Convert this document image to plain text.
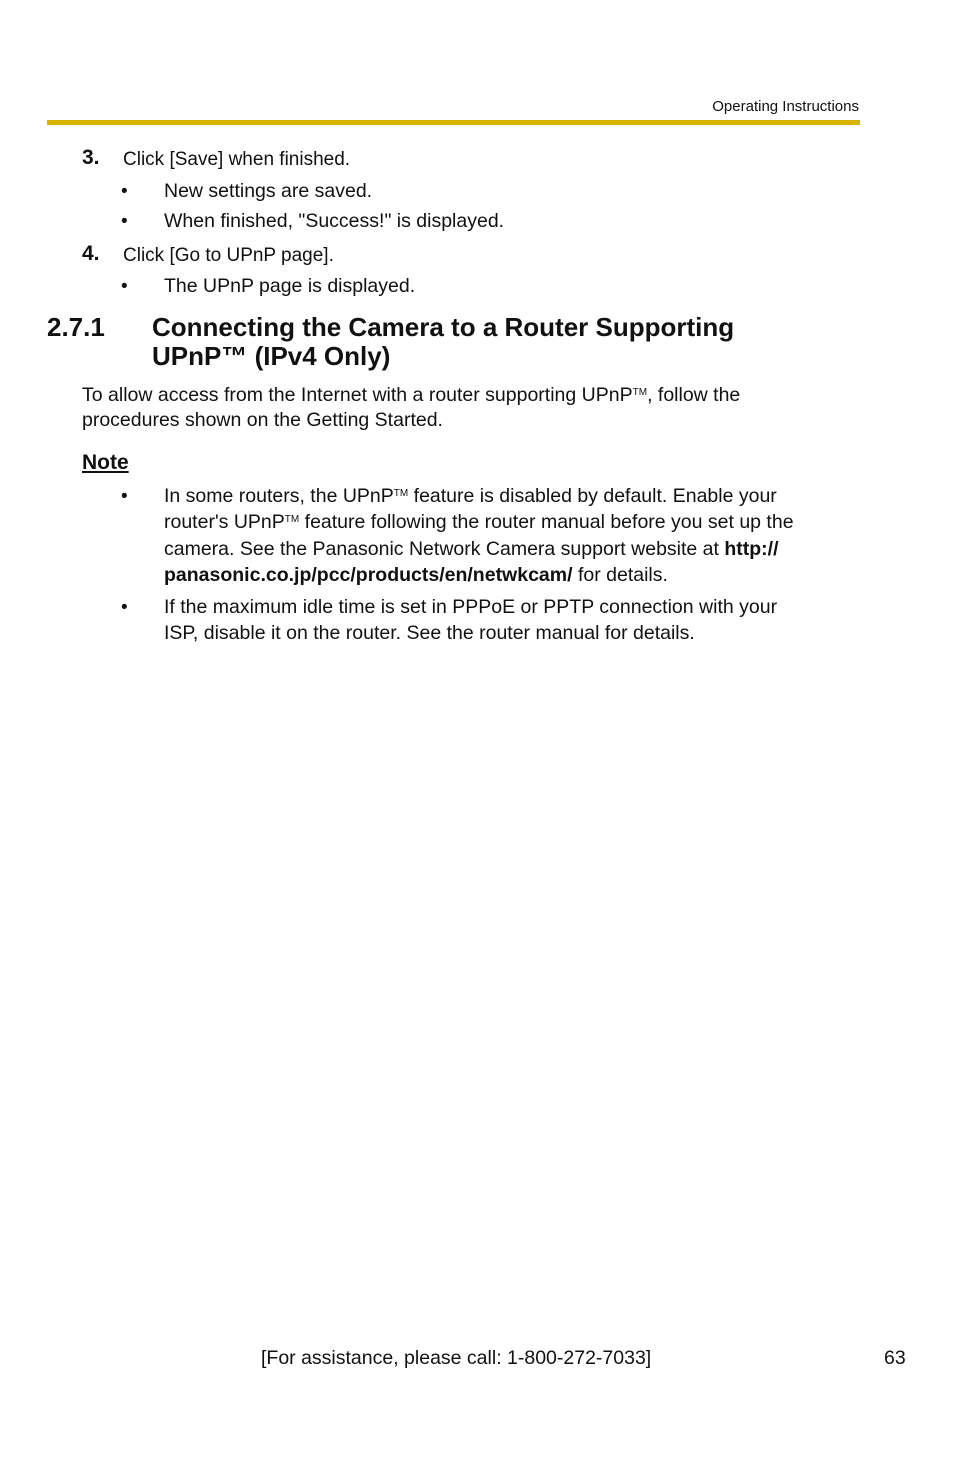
Operating Instructions
3. Click [Save] when finished.
• New settings are saved.
• When finished, "Success!" is displayed.
4. Click [Go to UPnP page].
• The UPnP page is displayed.
2.7.1 Connecting the Camera to a Router Supporting
UPnP™ (IPv4 Only)
To allow access from the Internet with a router supporting UPnP™, follow the
procedures shown on the Getting Started.
Note
• In some routers, the UPnP™ feature is disabled by default. Enable your
router's UPnP™ feature following the router manual before you set up the
camera. See the Panasonic Network Camera support website at http://
panasonic.co.jp/pcc/products/en/netwkcam/ for details.
• If the maximum idle time is set in PPPoE or PPTP connection with your
ISP, disable it on the router. See the router manual for details.
[For assistance, please call: 1-800-272-7033]	63
